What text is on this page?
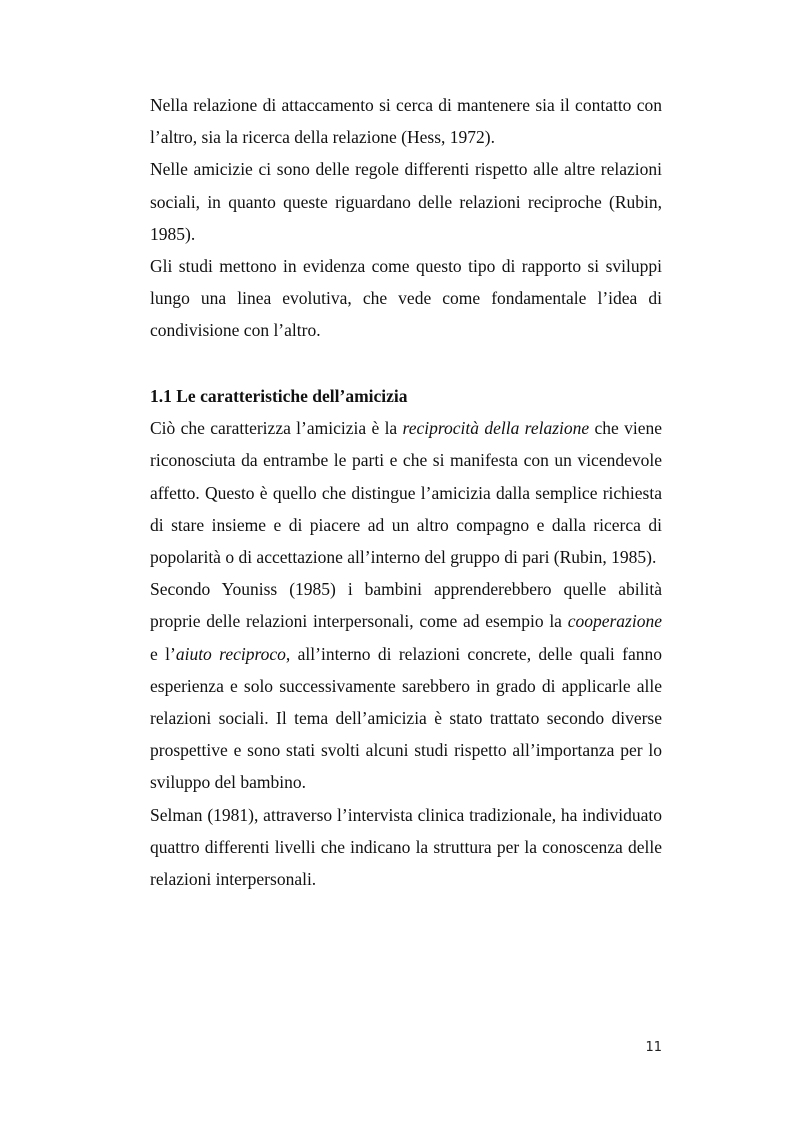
Nella relazione di attaccamento si cerca di mantenere sia il contatto con l’altro, sia la ricerca della relazione (Hess, 1972).

Nelle amicizie ci sono delle regole differenti rispetto alle altre relazioni sociali, in quanto queste riguardano delle relazioni reciproche (Rubin, 1985).

Gli studi mettono in evidenza come questo tipo di rapporto si sviluppi lungo una linea evolutiva, che vede come fondamentale l’idea di condivisione con l’altro.

1.1 Le caratteristiche dell’amicizia

Ciò che caratterizza l’amicizia è la reciprocità della relazione che viene riconosciuta da entrambe le parti e che si manifesta con un vicendevole affetto. Questo è quello che distingue l’amicizia dalla semplice richiesta di stare insieme e di piacere ad un altro compagno e dalla ricerca di popolarità o di accettazione all’interno del gruppo di pari (Rubin, 1985).

Secondo Youniss (1985) i bambini apprenderebbero quelle abilità proprie delle relazioni interpersonali, come ad esempio la cooperazione e l’aiuto reciproco, all’interno di relazioni concrete, delle quali fanno esperienza e solo successivamente sarebbero in grado di applicarle alle relazioni sociali. Il tema dell’amicizia è stato trattato secondo diverse prospettive e sono stati svolti alcuni studi rispetto all’importanza per lo sviluppo del bambino.

Selman (1981), attraverso l’intervista clinica tradizionale, ha individuato quattro differenti livelli che indicano la struttura per la conoscenza delle relazioni interpersonali.

11
